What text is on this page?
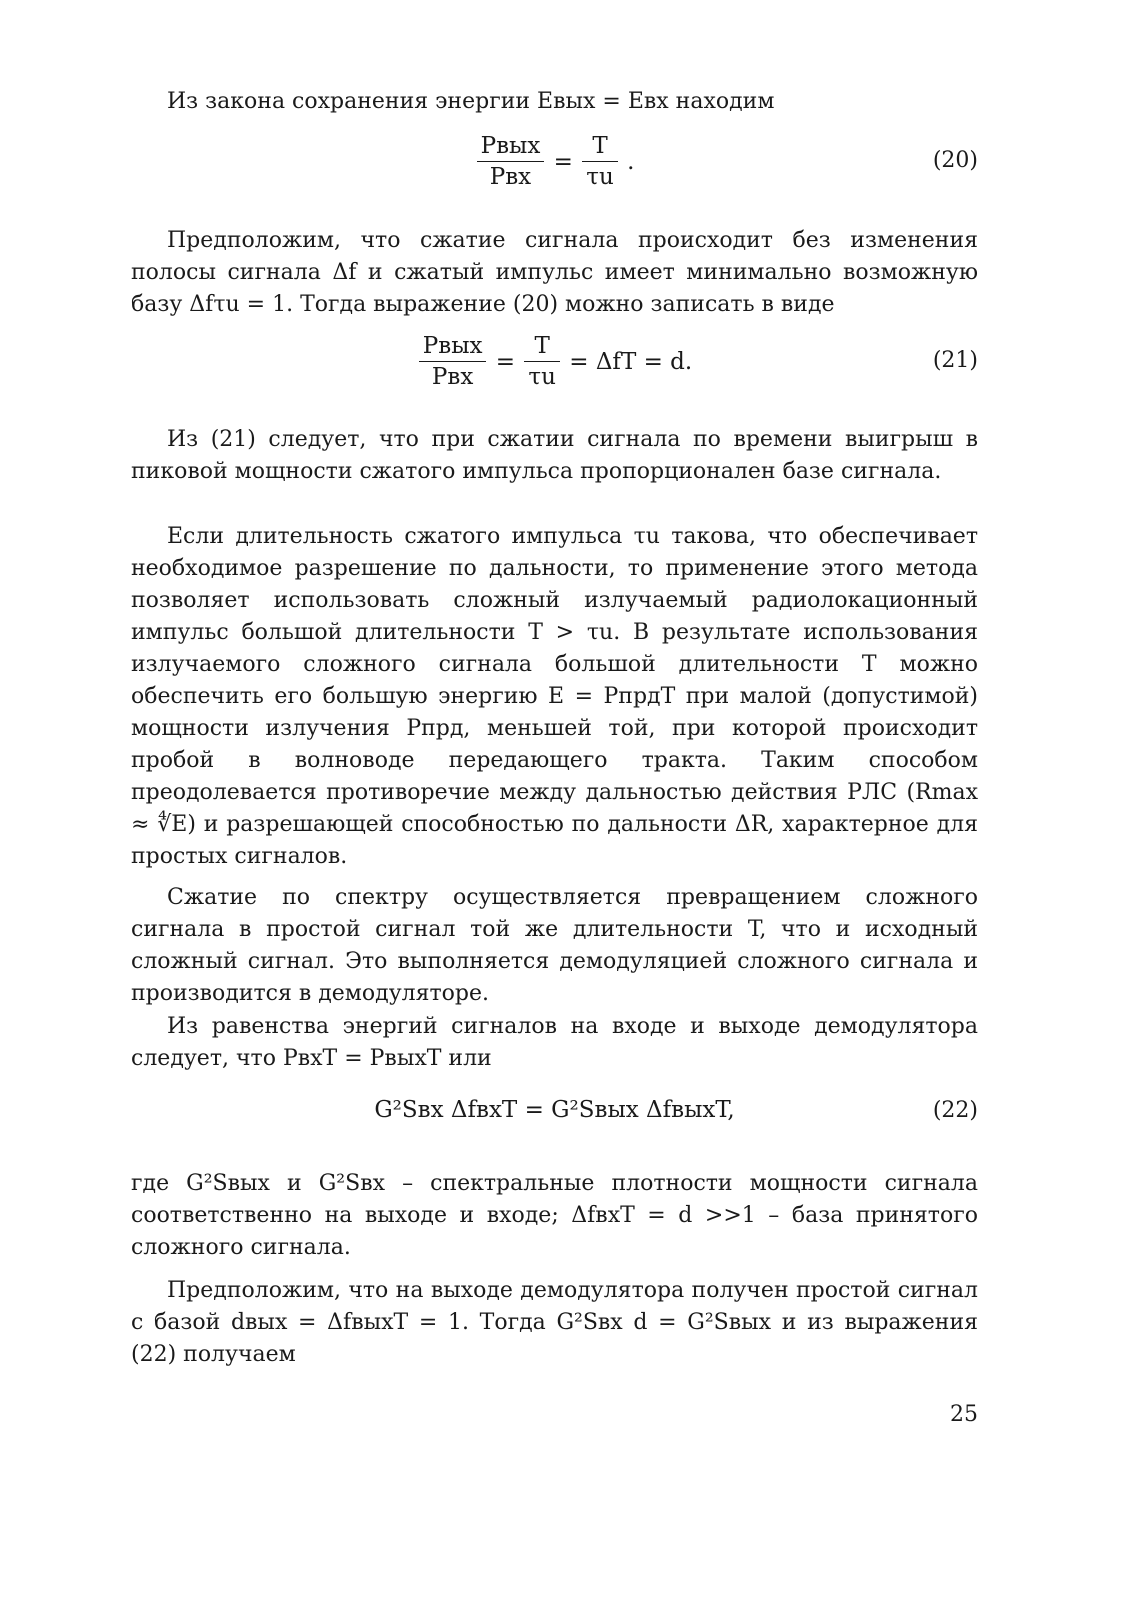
Из закона сохранения энергии Eвых = Eвх находим

$\frac{\text{Pвых}}{\text{Pвх}} = \frac{T}{\tau u}$ .	(20)

Предположим, что сжатие сигнала происходит без изменения полосы сигнала Δf и сжатый импульс имеет минимально возможную базу Δfτu = 1. Тогда выражение (20) можно записать в виде

$\frac{\text{Pвых}}{\text{Pвх}} = \frac{T}{\tau u} = \Delta fT = d$.	(21)

Из (21) следует, что при сжатии сигнала по времени выигрыш в пиковой мощности сжатого импульса пропорционален базе сигнала.

Если длительность сжатого импульса τu такова, что обеспечивает необходимое разрешение по дальности, то применение этого метода позволяет использовать сложный излучаемый радиолокационный импульс большой длительности T > τu. В результате использования излучаемого сложного сигнала большой длительности T можно обеспечить его большую энергию E = PпрдT при малой (допустимой) мощности излучения Pпрд, меньшей той, при которой происходит пробой в волноводе передающего тракта. Таким способом преодолевается противоречие между дальностью действия РЛС (Rmax ≈ ∜E) и разрешающей способностью по дальности ΔR, характерное для простых сигналов.

Сжатие по спектру осуществляется превращением сложного сигнала в простой сигнал той же длительности T, что и исходный сложный сигнал. Это выполняется демодуляцией сложного сигнала и производится в демодуляторе.

Из равенства энергий сигналов на входе и выходе демодулятора следует, что PвхT = PвыхT или

G²Sвх ΔfвхT = G²Sвых ΔfвыхT,	(22)

где G²Sвых и G²Sвх – спектральные плотности мощности сигнала соответственно на выходе и входе; ΔfвхT = d >>1 – база принятого сложного сигнала.

Предположим, что на выходе демодулятора получен простой сигнал с базой dвых = ΔfвыхT = 1. Тогда G²Sвх d = G²Sвых и из выражения (22) получаем

25
